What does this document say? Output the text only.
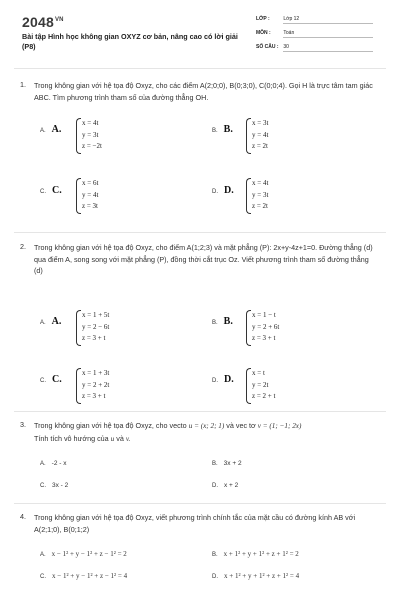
$2048^{VN}$
Bài tập Hình học không gian OXYZ cơ bản, nâng cao có lời giải (P8)
LỚP :	Lớp 12
MÔN :	Toán
SỐ CÂU : 30
1. Trong không gian với hệ tọa độ Oxyz, cho các điểm A(2;0;0), B(0;3;0), C(0;0;4). Gọi H là trực tâm tam giác ABC. Tìm phương trình tham số của đường thẳng OH.
A. A.
x = 4t
y = 3t
z = −2t
B. B.
x = 3t
y = 4t
z = 2t
C. C.
x = 6t
y = 4t
z = 3t
D. D.
x = 4t
y = 3t
z = 2t
2. Trong không gian với hệ tọa độ Oxyz, cho điểm A(1;2;3) và mặt phẳng (P): 2x+y-4z+1=0. Đường thẳng (d) qua điểm A, song song với mặt phẳng (P), đồng thời cắt trục Oz. Viết phương trình tham số đường thẳng (d)
A. A.
x = 1 + 5t
y = 2 − 6t
z = 3 + t
B. B.
x = 1 − t
y = 2 + 6t
z = 3 + t
C. C.
x = 1 + 3t
y = 2 + 2t
z = 3 + t
D. D.
x = t
y = 2t
z = 2 + t
3. Trong không gian với hệ tọa độ Oxyz, cho vecto u = (x; 2; 1) và vec tơ v = (1; −1; 2x)
Tính tích vô hướng của u và v.
A. -2 - x	B. 3x + 2
C. 3x - 2	D. x + 2
4. Trong không gian với hệ tọa độ Oxyz, viết phương trình chính tắc của mặt cầu có đường kính AB với A(2;1;0), B(0;1;2)
A. x − 1² + y − 1² + z − 1² = 2	B. x + 1² + y + 1² + z + 1² = 2
C. x − 1² + y − 1² + z − 1² = 4	D. x + 1² + y + 1² + z + 1² = 4
